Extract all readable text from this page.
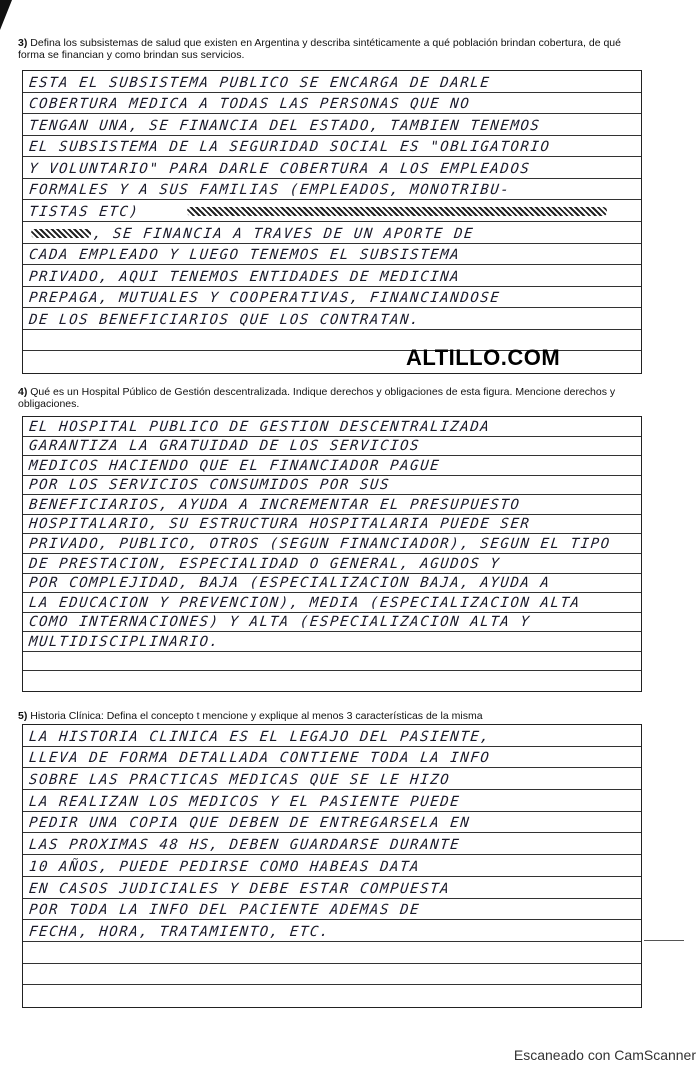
3) Defina los subsistemas de salud que existen en Argentina y describa sintéticamente a qué población brindan cobertura, de qué forma se financian y como brindan sus servicios.
ESTA EL SUBSISTEMA PUBLICO SE ENCARGA DE DARLE
COBERTURA MEDICA A TODAS LAS PERSONAS QUE NO
TENGAN UNA, SE FINANCIA DEL ESTADO, TAMBIEN TENEMOS
EL SUBSISTEMA DE LA SEGURIDAD SOCIAL ES "OBLIGATORIO
Y VOLUNTARIO" PARA DARLE COBERTURA A LOS EMPLEADOS
FORMALES Y A SUS FAMILIAS (EMPLEADOS, MONOTRIBU-
TISTAS ETC)
, SE FINANCIA A TRAVES DE UN APORTE DE
CADA EMPLEADO Y LUEGO TENEMOS EL SUBSISTEMA
PRIVADO, AQUI TENEMOS ENTIDADES DE MEDICINA
PREPAGA, MUTUALES Y COOPERATIVAS, FINANCIANDOSE
DE LOS BENEFICIARIOS QUE LOS CONTRATAN.
ALTILLO.COM
4) Qué es un Hospital Público de Gestión descentralizada. Indique derechos y obligaciones de esta figura. Mencione derechos y obligaciones.
EL HOSPITAL PUBLICO DE GESTION DESCENTRALIZADA
GARANTIZA LA GRATUIDAD DE LOS SERVICIOS
MEDICOS HACIENDO QUE EL FINANCIADOR PAGUE
POR LOS SERVICIOS CONSUMIDOS POR SUS
BENEFICIARIOS, AYUDA A INCREMENTAR EL PRESUPUESTO
HOSPITALARIO, SU ESTRUCTURA HOSPITALARIA PUEDE SER
PRIVADO, PUBLICO, OTROS (SEGUN FINANCIADOR), SEGUN EL TIPO
DE PRESTACION, ESPECIALIDAD O GENERAL, AGUDOS Y
POR COMPLEJIDAD, BAJA (ESPECIALIZACION BAJA, AYUDA A
LA EDUCACION Y PREVENCION), MEDIA (ESPECIALIZACION ALTA
COMO INTERNACIONES) Y ALTA (ESPECIALIZACION ALTA Y
MULTIDISCIPLINARIO.
5) Historia Clínica: Defina el concepto t mencione y explique al menos 3 características de la misma
LA HISTORIA CLINICA ES EL LEGAJO DEL PASIENTE,
LLEVA DE FORMA DETALLADA CONTIENE TODA LA INFO
SOBRE LAS PRACTICAS MEDICAS QUE SE LE HIZO
LA REALIZAN LOS MEDICOS Y EL PASIENTE PUEDE
PEDIR UNA COPIA QUE DEBEN DE ENTREGARSELA EN
LAS PROXIMAS 48 HS, DEBEN GUARDARSE DURANTE
10 AÑOS, PUEDE PEDIRSE COMO HABEAS DATA
EN CASOS JUDICIALES Y DEBE ESTAR COMPUESTA
POR TODA LA INFO DEL PACIENTE ADEMAS DE
FECHA, HORA, TRATAMIENTO, ETC.
Escaneado con CamScanner
